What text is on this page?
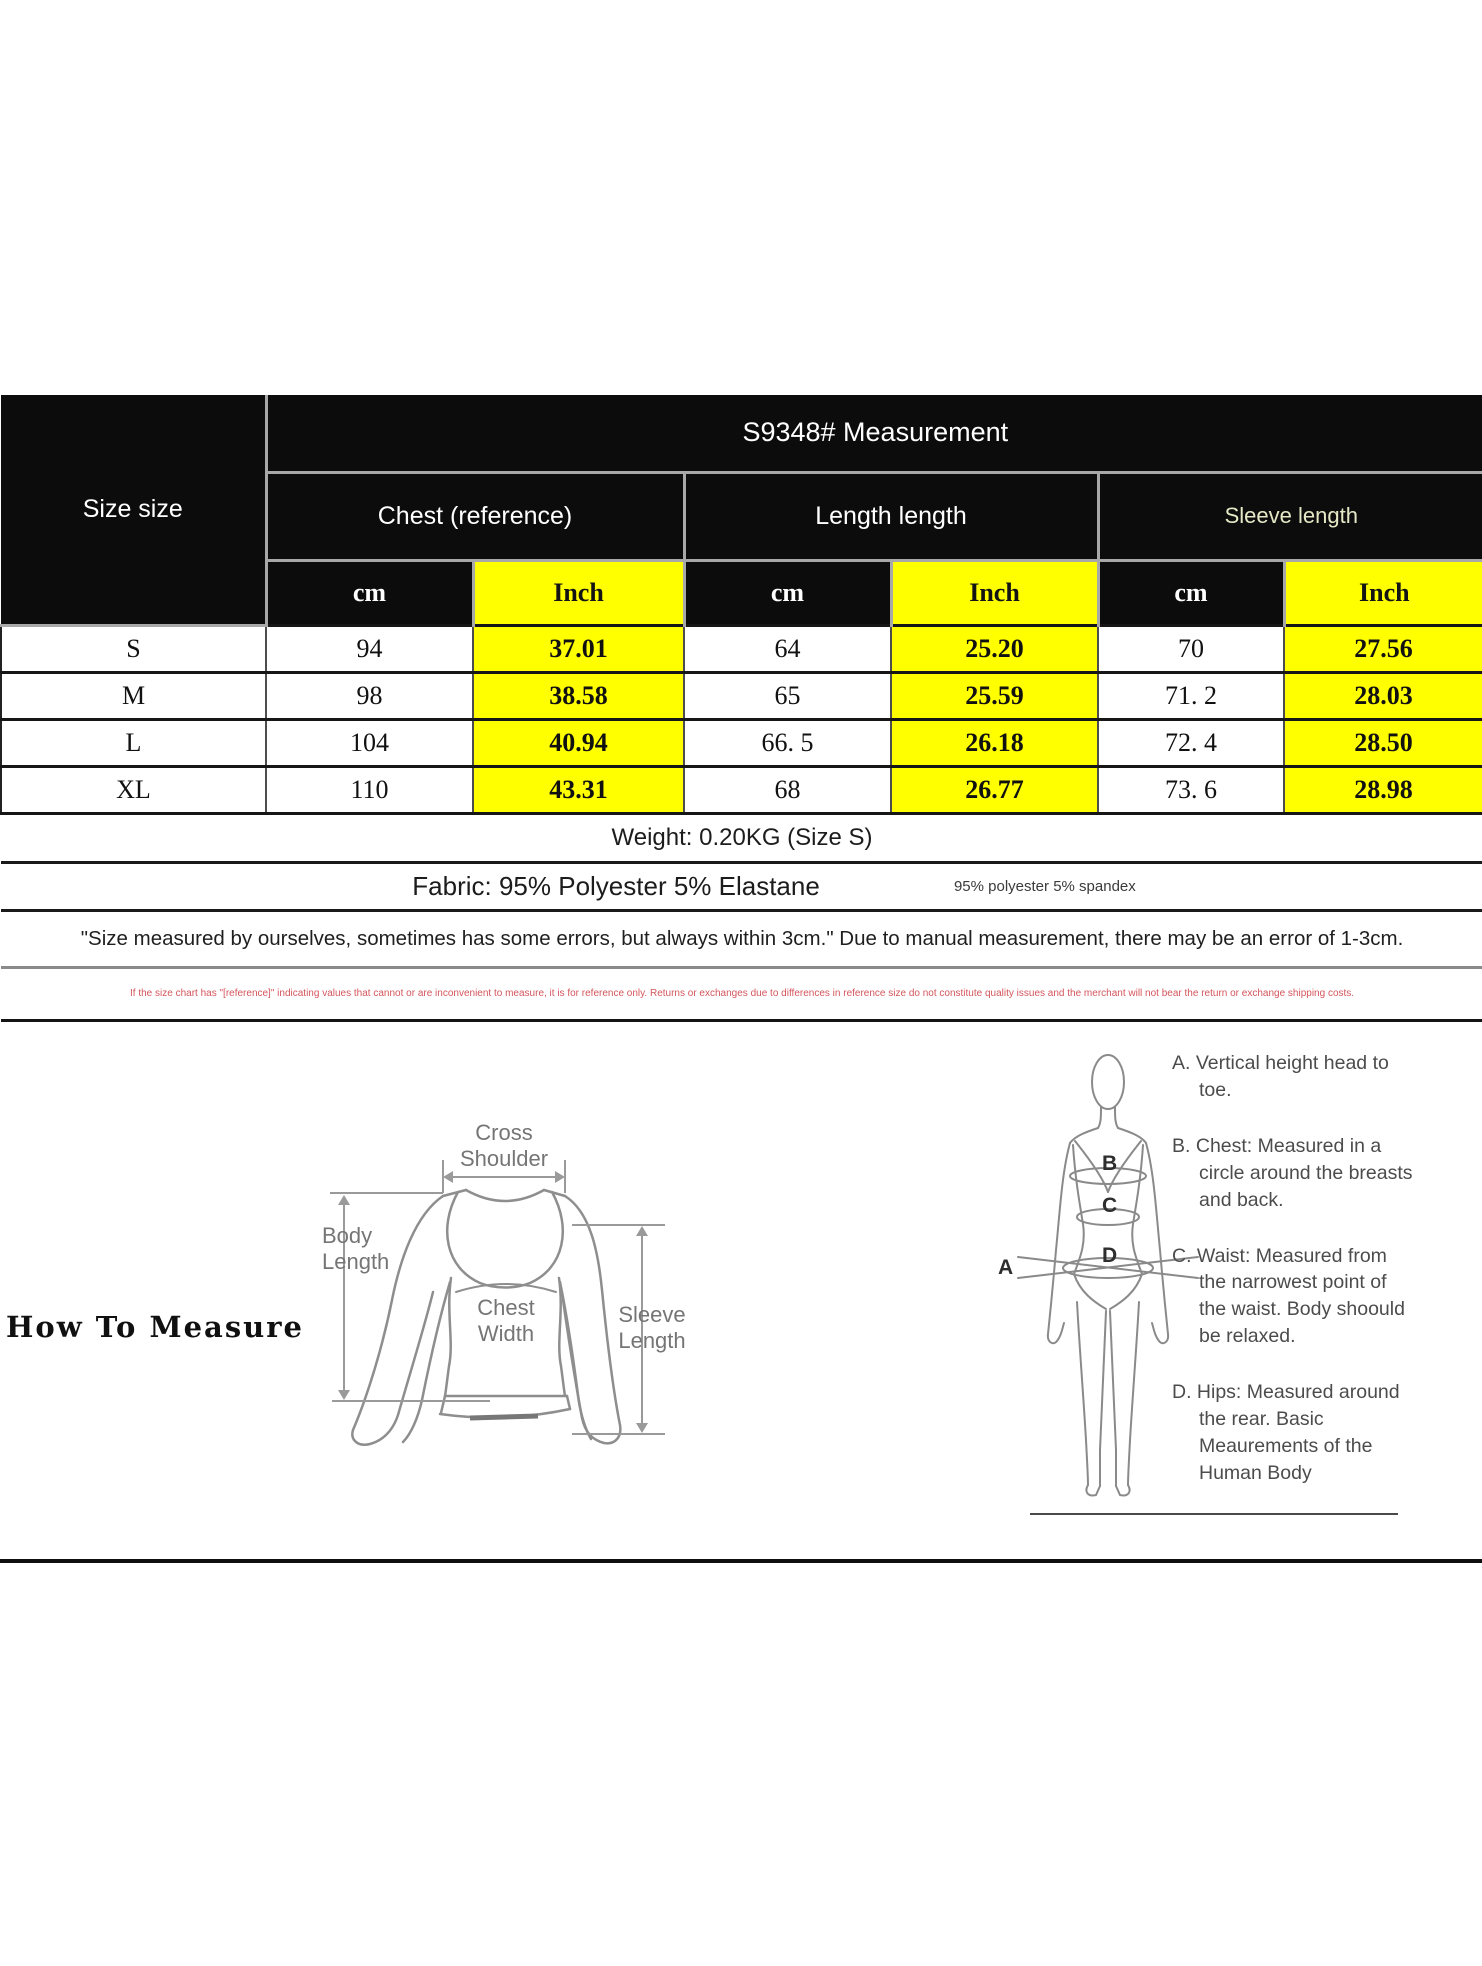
Size size	S9348# Measurement					
	Chest (reference)		Length length		Sleeve length	
	cm	Inch	cm	Inch	cm	Inch
S	94	37.01	64	25.20	70	27.56
M	98	38.58	65	25.59	71. 2	28.03
L	104	40.94	66. 5	26.18	72. 4	28.50
XL	110	43.31	68	26.77	73. 6	28.98
Weight: 0.20KG (Size S)						

Fabric: 95% Polyester 5% Elastane 95% polyester 5% spandex						

"Size measured by ourselves, sometimes has some errors, but always within 3cm." Due to manual measurement, there may be an error of 1-3cm.						
If the size chart has "[reference]" indicating values that cannot or are inconvenient to measure, it is for reference only. Returns or exchanges due to differences in reference size do not constitute quality issues and the merchant will not bear the return or exchange shipping costs.						
How To Measure
Cross
Shoulder
Body
Length
Chest
Width
Sleeve
Length
B
C
D
A
A. Vertical height head to toe.
B. Chest: Measured in a circle around the breasts and back.
C. Waist: Measured from the narrowest point of the waist. Body shoould be relaxed.
D. Hips: Measured around the rear. Basic Meaurements of the Human Body
